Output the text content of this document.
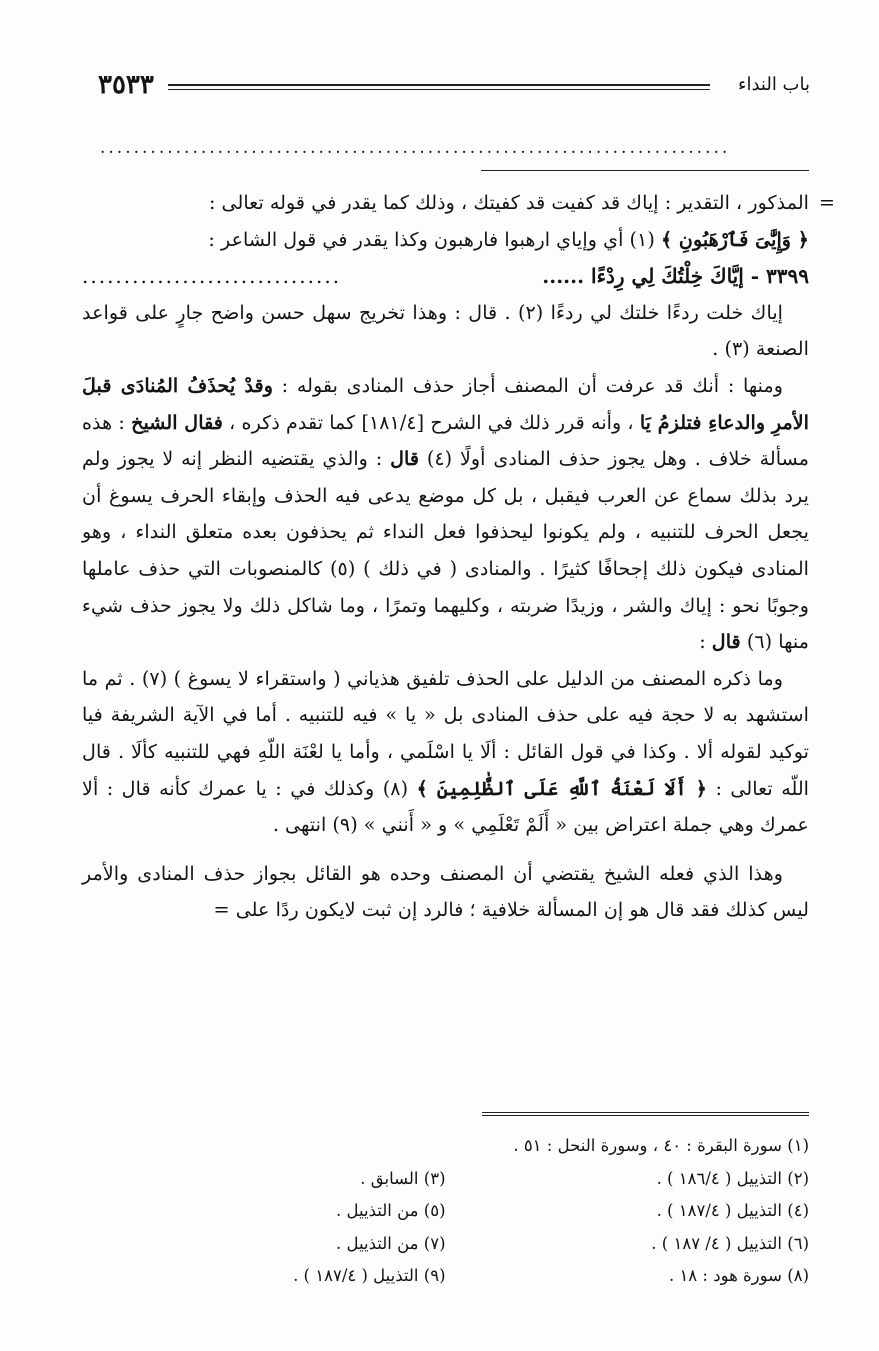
باب النداء
٣٥٣٣
...........................................................................

=المذكور ، التقدير : إياك قد كفيت قد كفيتك ، وذلك كما يقدر في قوله تعالى :

﴿ وَإِيَّٰىَ فَٱرْهَبُونِ ﴾ (١) أي وإياي ارهبوا فارهبون وكذا يقدر في قول الشاعر :

٣٣٩٩ - إيَّاكَ خِلْتُكَ لِي رِدْءًا ......
...............................

إياك خلت ردءًا خلتك لي ردءًا (٢) . قال : وهذا تخريج سهل حسن واضح جارٍ على قواعد الصنعة (٣) .

ومنها : أنك قد عرفت أن المصنف أجاز حذف المنادى بقوله : وقدْ يُحذَفُ المُنادَى قبلَ الأمرِ والدعاءِ فتلزمُ يَا ، وأنه قرر ذلك في الشرح [١٨١/٤] كما تقدم ذكره ، فقال الشيخ : هذه مسألة خلاف . وهل يجوز حذف المنادى أولًا (٤) قال : والذي يقتضيه النظر إنه لا يجوز ولم يرد بذلك سماع عن العرب فيقبل ، بل كل موضع يدعى فيه الحذف وإبقاء الحرف يسوغ أن يجعل الحرف للتنبيه ، ولم يكونوا ليحذفوا فعل النداء ثم يحذفون بعده متعلق النداء ، وهو المنادى فيكون ذلك إجحافًا كثيرًا . والمنادى ( في ذلك ) (٥) كالمنصوبات التي حذف عاملها وجوبًا نحو : إياك والشر ، وزيدًا ضربته ، وكليهما وتمرًا ، وما شاكل ذلك ولا يجوز حذف شيء منها (٦) قال :

وما ذكره المصنف من الدليل على الحذف تلفيق هذياني ( واستقراء لا يسوغ ) (٧) . ثم ما استشهد به لا حجة فيه على حذف المنادى بل « يا » فيه للتنبيه . أما في الآية الشريفة فيا توكيد لقوله ألا . وكذا في قول القائل : ألَا يا اسْلَمي ، وأما يا لعْنَة اللّهِ فهي للتنبيه كألَا . قال اللّه تعالى : ﴿ أَلَا لَعْنَةُ ٱللَّهِ عَلَى ٱلظَّٰلِمِينَ ﴾ (٨) وكذلك في : يا عمرك كأنه قال : ألا عمرك وهي جملة اعتراض بين « أَلَمْ تَعْلَمِي » و « أَنني » (٩) انتهى .

وهذا الذي فعله الشيخ يقتضي أن المصنف وحده هو القائل بجواز حذف المنادى والأمر ليس كذلك فقد قال هو إن المسألة خلافية ؛ فالرد إن ثبت لايكون ردًا على =

(١) سورة البقرة : ٤٠ ، وسورة النحل : ٥١ .
(٢) التذييل ( ١٨٦/٤ ) .
(٣) السابق .
(٤) التذييل ( ١٨٧/٤ ) .
(٥) من التذييل .
(٦) التذييل ( ٤/ ١٨٧ ) .
(٧) من التذييل .
(٨) سورة هود : ١٨ .
(٩) التذييل ( ١٨٧/٤ ) .
